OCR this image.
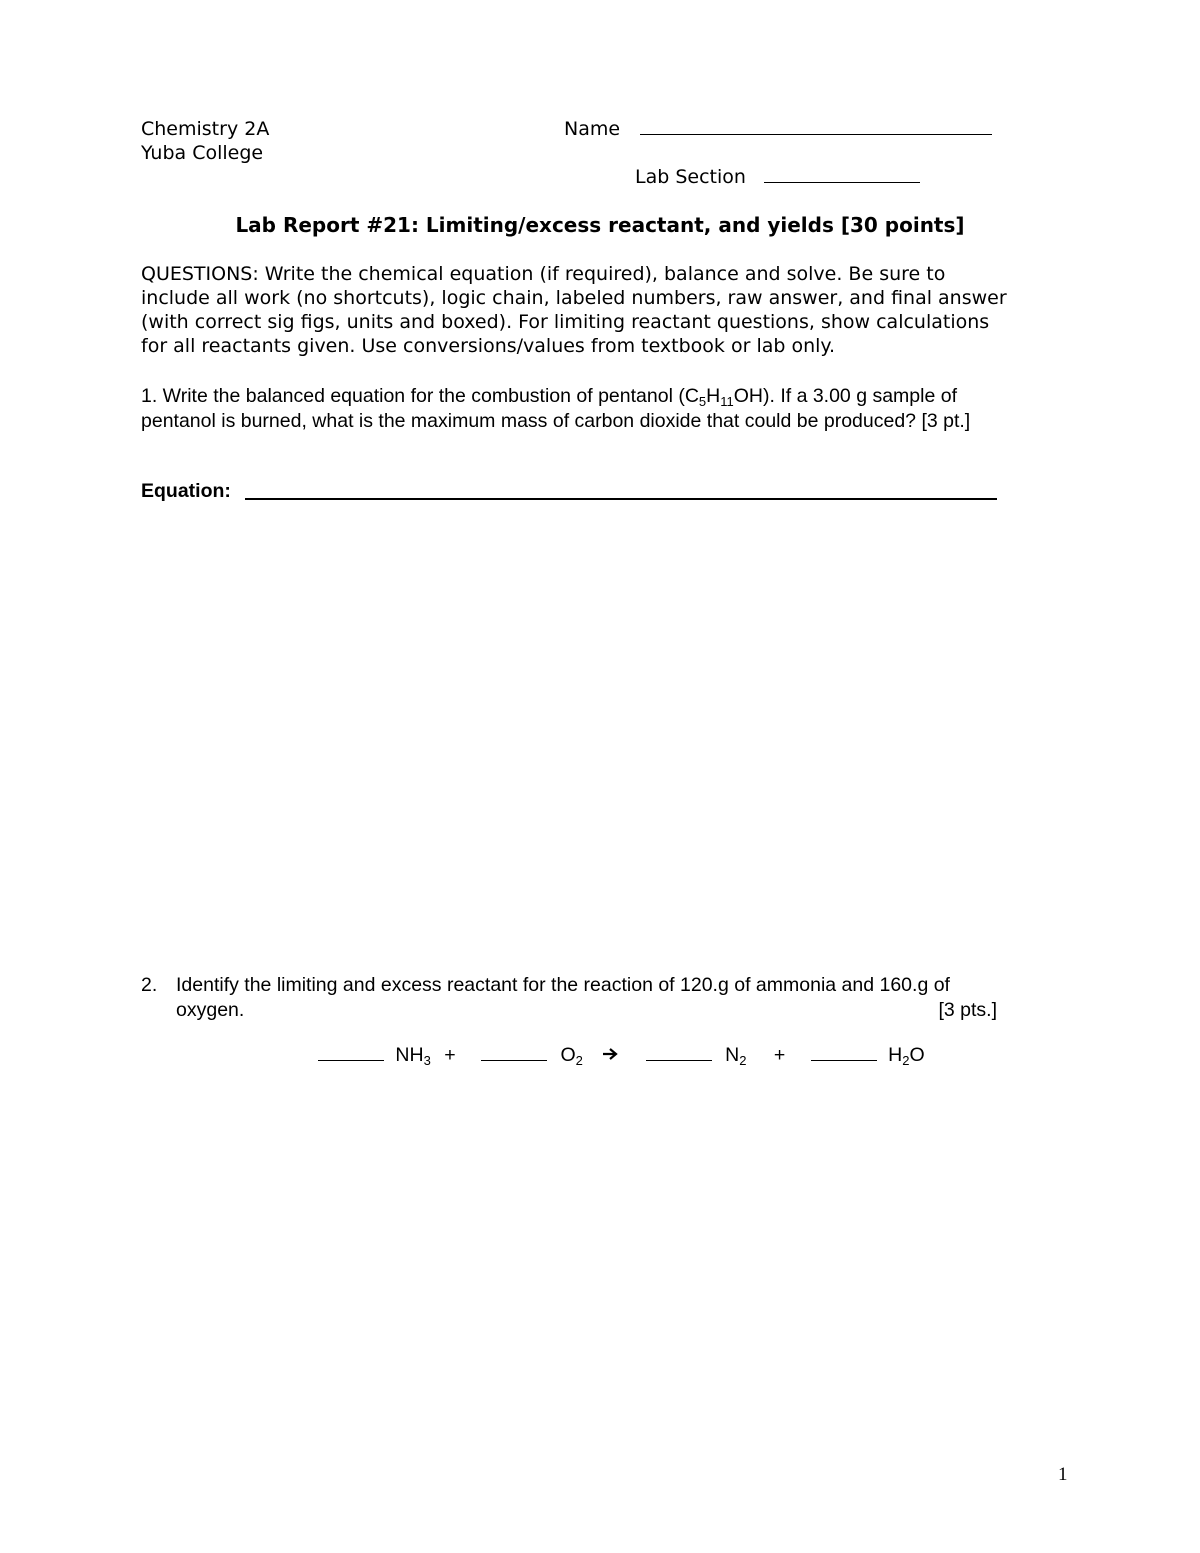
Chemistry 2A
Yuba College
Name
Lab Section
Lab Report #21: Limiting/excess reactant, and yields [30 points]

QUESTIONS: Write the chemical equation (if required), balance and solve. Be sure to

include all work (no shortcuts), logic chain, labeled numbers, raw answer, and final answer

(with correct sig figs, units and boxed). For limiting reactant questions, show calculations

for all reactants given. Use conversions/values from textbook or lab only.

1. Write the balanced equation for the combustion of pentanol $(C_5H_{11}OH)$. If a 3.00 g sample of

pentanol is burned, what is the maximum mass of carbon dioxide that could be produced? [3 pt.]

Equation:
2. Identify the limiting and excess reactant for the reaction of 120.g of ammonia and 160.g of
oxygen.	[3 pts.]
$NH_3$ +	$O_2$ →	$N_2$ +	$H_2O$
1
